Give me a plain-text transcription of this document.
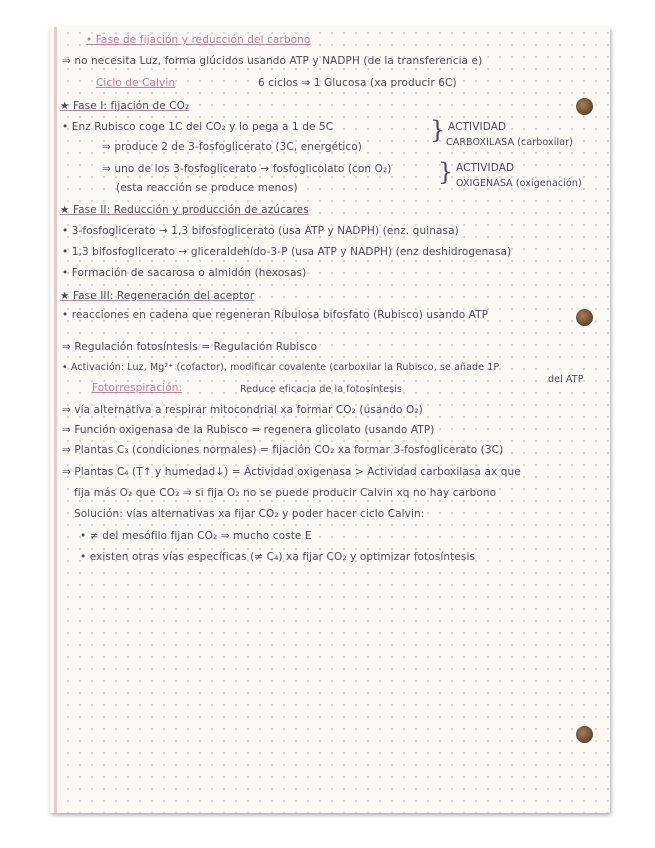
• Fase de fijación y reducción del carbono
⇒ no necesita Luz, forma glúcidos usando ATP y NADPH (de la transferencia e)
Ciclo de Calvin	6 ciclos ⇒ 1 Glucosa (xa producir 6C)
★ Fase I: fijación de CO₂
• Enz Rubisco coge 1C del CO₂ y lo pega a 1 de 5C
⇒ produce 2 de 3-fosfoglicerato (3C, energético)
} ACTIVIDAD
CARBOXILASA (carboxilar)
⇒ uno de los 3-fosfoglicerato → fosfoglicolato (con O₂)
(esta reacción se produce menos)
} ACTIVIDAD
OXIGENASA (oxigenación)
★ Fase II: Reducción y producción de azúcares
• 3-fosfoglicerato → 1,3 bifosfoglicerato (usa ATP y NADPH) (enz. quinasa)
• 1,3 bifosfoglicerato → gliceraldehído-3-P (usa ATP y NADPH) (enz deshidrogenasa)
• Formación de sacarosa o almidón (hexosas)
★ Fase III: Regeneración del aceptor
• reacciones en cadena que regeneran Ribulosa bifosfato (Rubisco) usando ATP
⇒ Regulación fotosíntesis = Regulación Rubisco
• Activación: Luz, Mg²⁺ (cofactor), modificar covalente (carboxilar la Rubisco, se añade 1P
del ATP
Fotorrespiración:	Reduce eficacia de la fotosíntesis
⇒ vía alternativa a respirar mitocondrial xa formar CO₂ (usando O₂)
⇒ Función oxigenasa de la Rubisco = regenera glicolato (usando ATP)
⇒ Plantas C₃ (condiciones normales) = fijación CO₂ xa formar 3-fosfoglicerato (3C)
⇒ Plantas C₄ (T↑ y humedad↓) = Actividad oxigenasa > Actividad carboxilasa ax que
fija más O₂ que CO₂ ⇒ si fija O₂ no se puede producir Calvin xq no hay carbono
Solución: vías alternativas xa fijar CO₂ y poder hacer ciclo Calvin:
• ≠ del mesófilo fijan CO₂ ⇒ mucho coste E
• existen otras vías específicas (≠ C₄) xa fijar CO₂ y optimizar fotosíntesis
